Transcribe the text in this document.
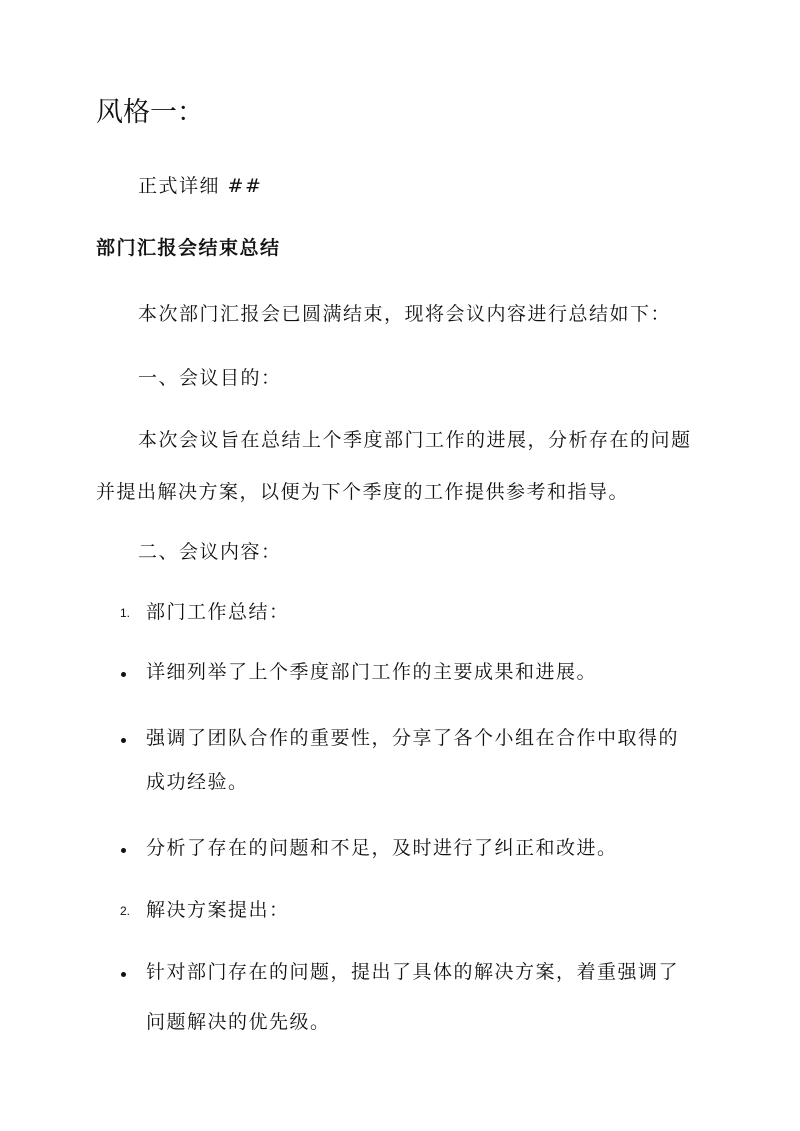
风格一：
正式详细 ##
部门汇报会结束总结
本次部门汇报会已圆满结束，现将会议内容进行总结如下：
一、会议目的：
本次会议旨在总结上个季度部门工作的进展，分析存在的问题
并提出解决方案，以便为下个季度的工作提供参考和指导。
二、会议内容：
1. 部门工作总结：
详细列举了上个季度部门工作的主要成果和进展。
强调了团队合作的重要性，分享了各个小组在合作中取得的
成功经验。
分析了存在的问题和不足，及时进行了纠正和改进。
2. 解决方案提出：
针对部门存在的问题，提出了具体的解决方案，着重强调了
问题解决的优先级。
